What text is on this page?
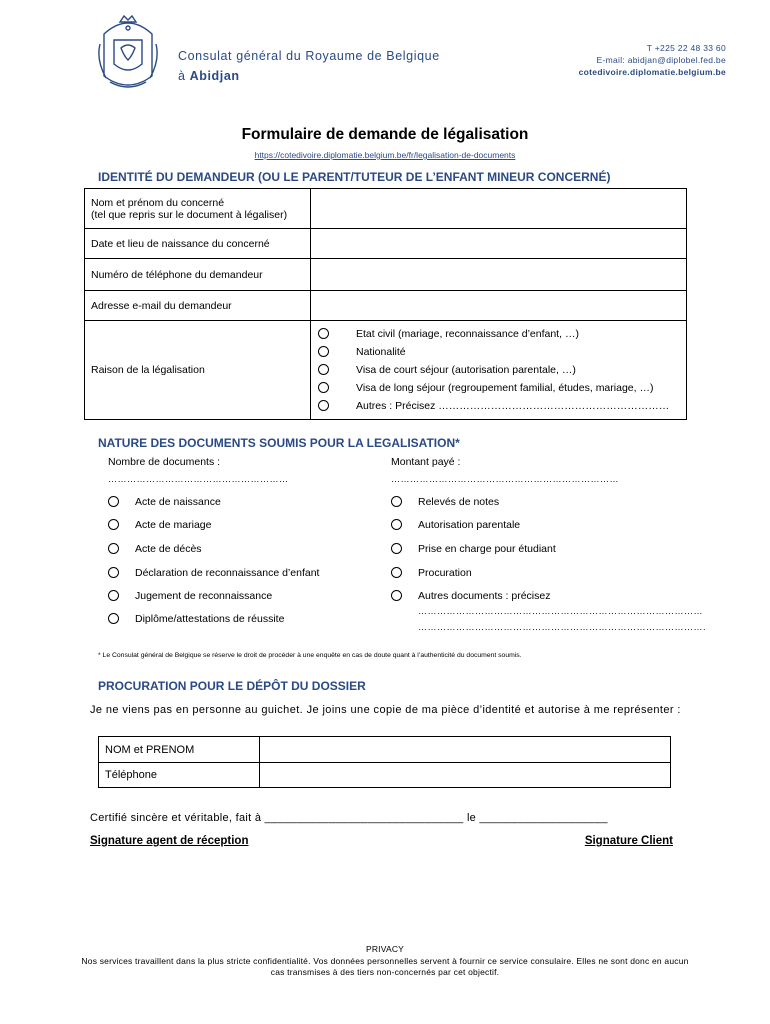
Consulat général du Royaume de Belgique
à Abidjan
T +225 22 48 33 60
E-mail: abidjan@diplobel.fed.be
cotedivoire.diplomatie.belgium.be
Formulaire de demande de légalisation
https://cotedivoire.diplomatie.belgium.be/fr/legalisation-de-documents
IDENTITÉ DU DEMANDEUR (OU LE PARENT/TUTEUR DE L’ENFANT MINEUR CONCERNÉ)
Nom et prénom du concerné
(tel que repris sur le document à légaliser)	

Date et lieu de naissance du concerné	
Numéro de téléphone du demandeur	
Adresse e-mail du demandeur	
Raison de la légalisation	
Etat civil (mariage, reconnaissance d’enfant, …)
Nationalité
Visa de court séjour (autorisation parentale, …)
Visa de long séjour (regroupement familial, études, mariage, …)
Autres : Précisez …………………………………………………………
NATURE DES DOCUMENTS SOUMIS POUR LA LEGALISATION*
Nombre de documents :
…………………………………………………
Montant payé :
………………………………………………………………
Acte de naissance
Acte de mariage
Acte de décès
Déclaration de reconnaissance d’enfant
Jugement de reconnaissance
Diplôme/attestations de réussite
Relevés de notes
Autorisation parentale
Prise en charge pour étudiant
Procuration
Autres documents : précisez
………………………………………………………………………………
……………………………………………………………………………….
* Le Consulat général de Belgique se réserve le droit de procéder à une enquête en cas de doute quant à l’authenticité du document soumis.
PROCURATION POUR LE DÉPÔT DU DOSSIER
Je ne viens pas en personne au guichet. Je joins une copie de ma pièce d’identité et autorise à me représenter :
NOM et PRENOM	
Téléphone	
Certifié sincère et véritable, fait à _______________________________ le ____________________
Signature agent de réception	Signature Client
PRIVACY
Nos services travaillent dans la plus stricte confidentialité. Vos données personnelles servent à fournir ce service consulaire. Elles ne sont donc en aucun cas transmises à des tiers non-concernés par cet objectif.
